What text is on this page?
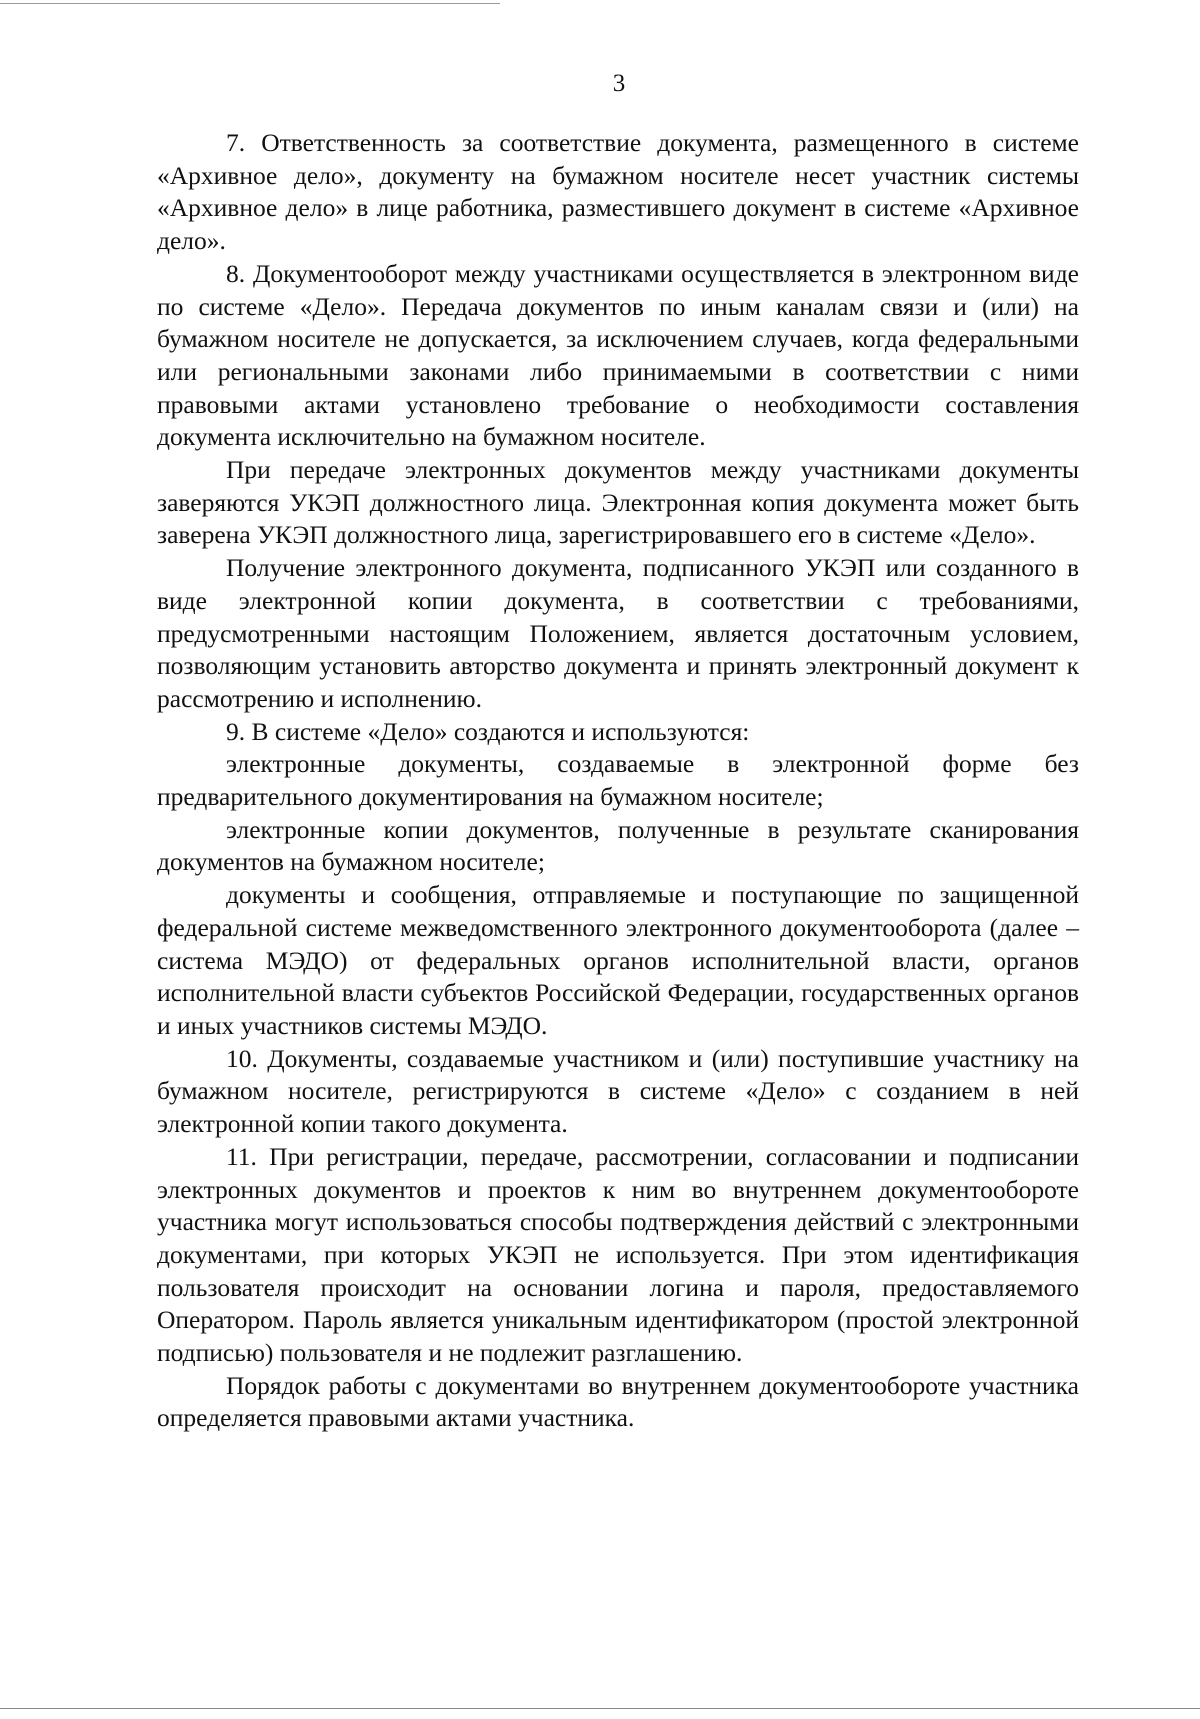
3

7. Ответственность за соответствие документа, размещенного в системе «Архивное дело», документу на бумажном носителе несет участник системы «Архивное дело» в лице работника, разместившего документ в системе «Архивное дело».

8. Документооборот между участниками осуществляется в электронном виде по системе «Дело». Передача документов по иным каналам связи и (или) на бумажном носителе не допускается, за исключением случаев, когда федеральными или региональными законами либо принимаемыми в соответствии с ними правовыми актами установлено требование о необходимости составления документа исключительно на бумажном носителе.

При передаче электронных документов между участниками документы заверяются УКЭП должностного лица. Электронная копия документа может быть заверена УКЭП должностного лица, зарегистрировавшего его в системе «Дело».

Получение электронного документа, подписанного УКЭП или созданного в виде электронной копии документа, в соответствии с требованиями, предусмотренными настоящим Положением, является достаточным условием, позволяющим установить авторство документа и принять электронный документ к рассмотрению и исполнению.

9. В системе «Дело» создаются и используются:

электронные документы, создаваемые в электронной форме без предварительного документирования на бумажном носителе;

электронные копии документов, полученные в результате сканирования документов на бумажном носителе;

документы и сообщения, отправляемые и поступающие по защищенной федеральной системе межведомственного электронного документооборота (далее – система МЭДО) от федеральных органов исполнительной власти, органов исполнительной власти субъектов Российской Федерации, государственных органов и иных участников системы МЭДО.

10. Документы, создаваемые участником и (или) поступившие участнику на бумажном носителе, регистрируются в системе «Дело» с созданием в ней электронной копии такого документа.

11. При регистрации, передаче, рассмотрении, согласовании и подписании электронных документов и проектов к ним во внутреннем документообороте участника могут использоваться способы подтверждения действий с электронными документами, при которых УКЭП не используется. При этом идентификация пользователя происходит на основании логина и пароля, предоставляемого Оператором. Пароль является уникальным идентификатором (простой электронной подписью) пользователя и не подлежит разглашению.

Порядок работы с документами во внутреннем документообороте участника определяется правовыми актами участника.
